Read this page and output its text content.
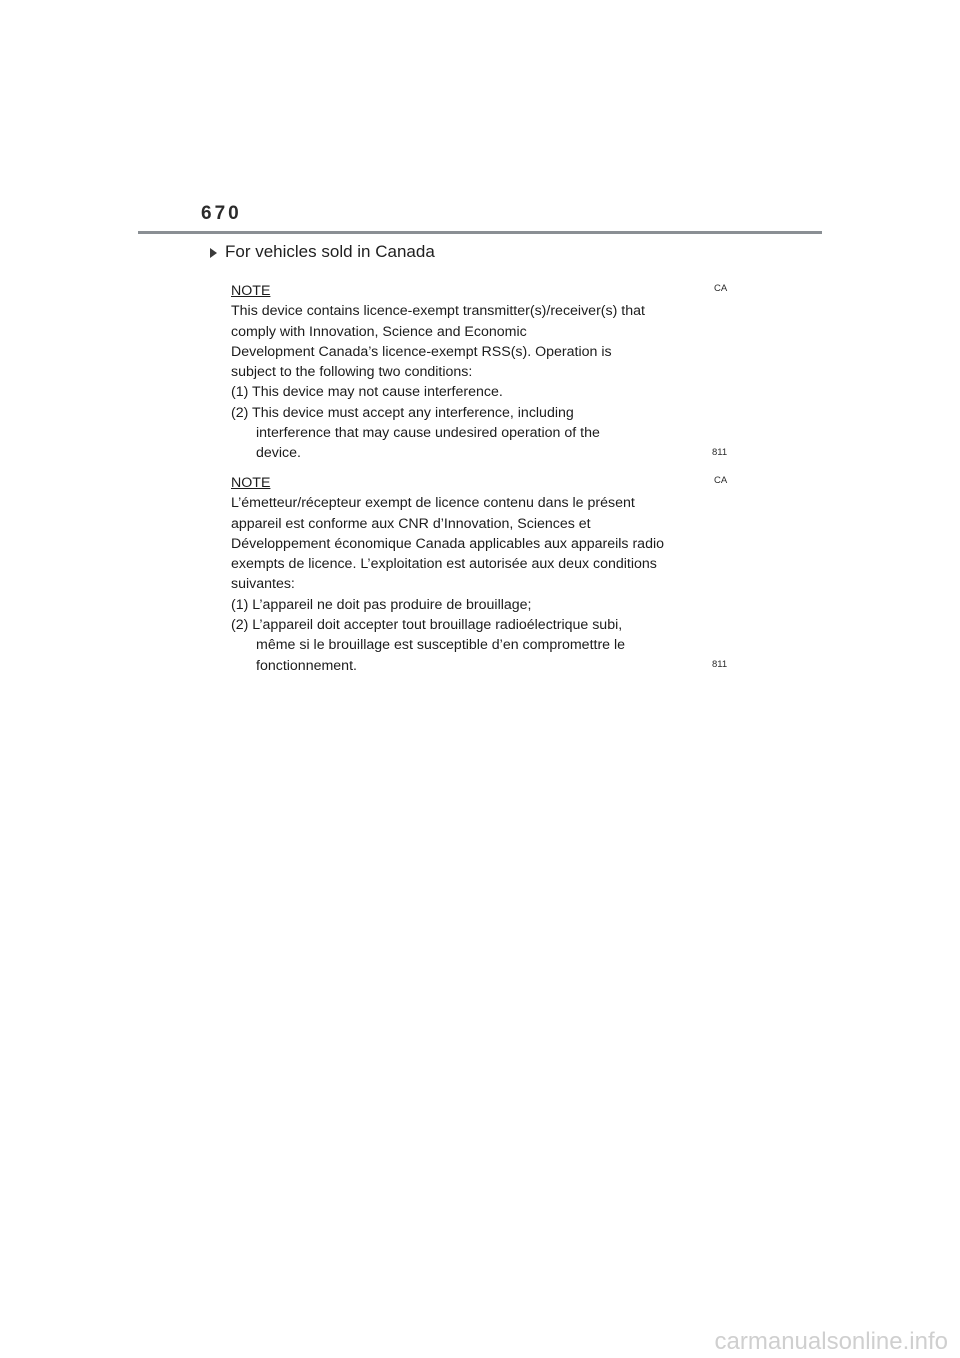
670
For vehicles sold in Canada
NOTE
This device contains licence-exempt transmitter(s)/receiver(s) that
comply with Innovation, Science and Economic
Development Canada’s licence-exempt RSS(s). Operation is
subject to the following two conditions:
(1) This device may not cause interference.
(2) This device must accept any interference, including
interference that may cause undesired operation of the
device.
CA
811
NOTE
L’émetteur/récepteur exempt de licence contenu dans le présent
appareil est conforme aux CNR d’Innovation, Sciences et
Développement économique Canada applicables aux appareils radio
exempts de licence. L’exploitation est autorisée aux deux conditions
suivantes:
(1) L’appareil ne doit pas produire de brouillage;
(2) L’appareil doit accepter tout brouillage radioélectrique subi,
même si le brouillage est susceptible d’en compromettre le
fonctionnement.
CA
811
carmanualsonline.info
